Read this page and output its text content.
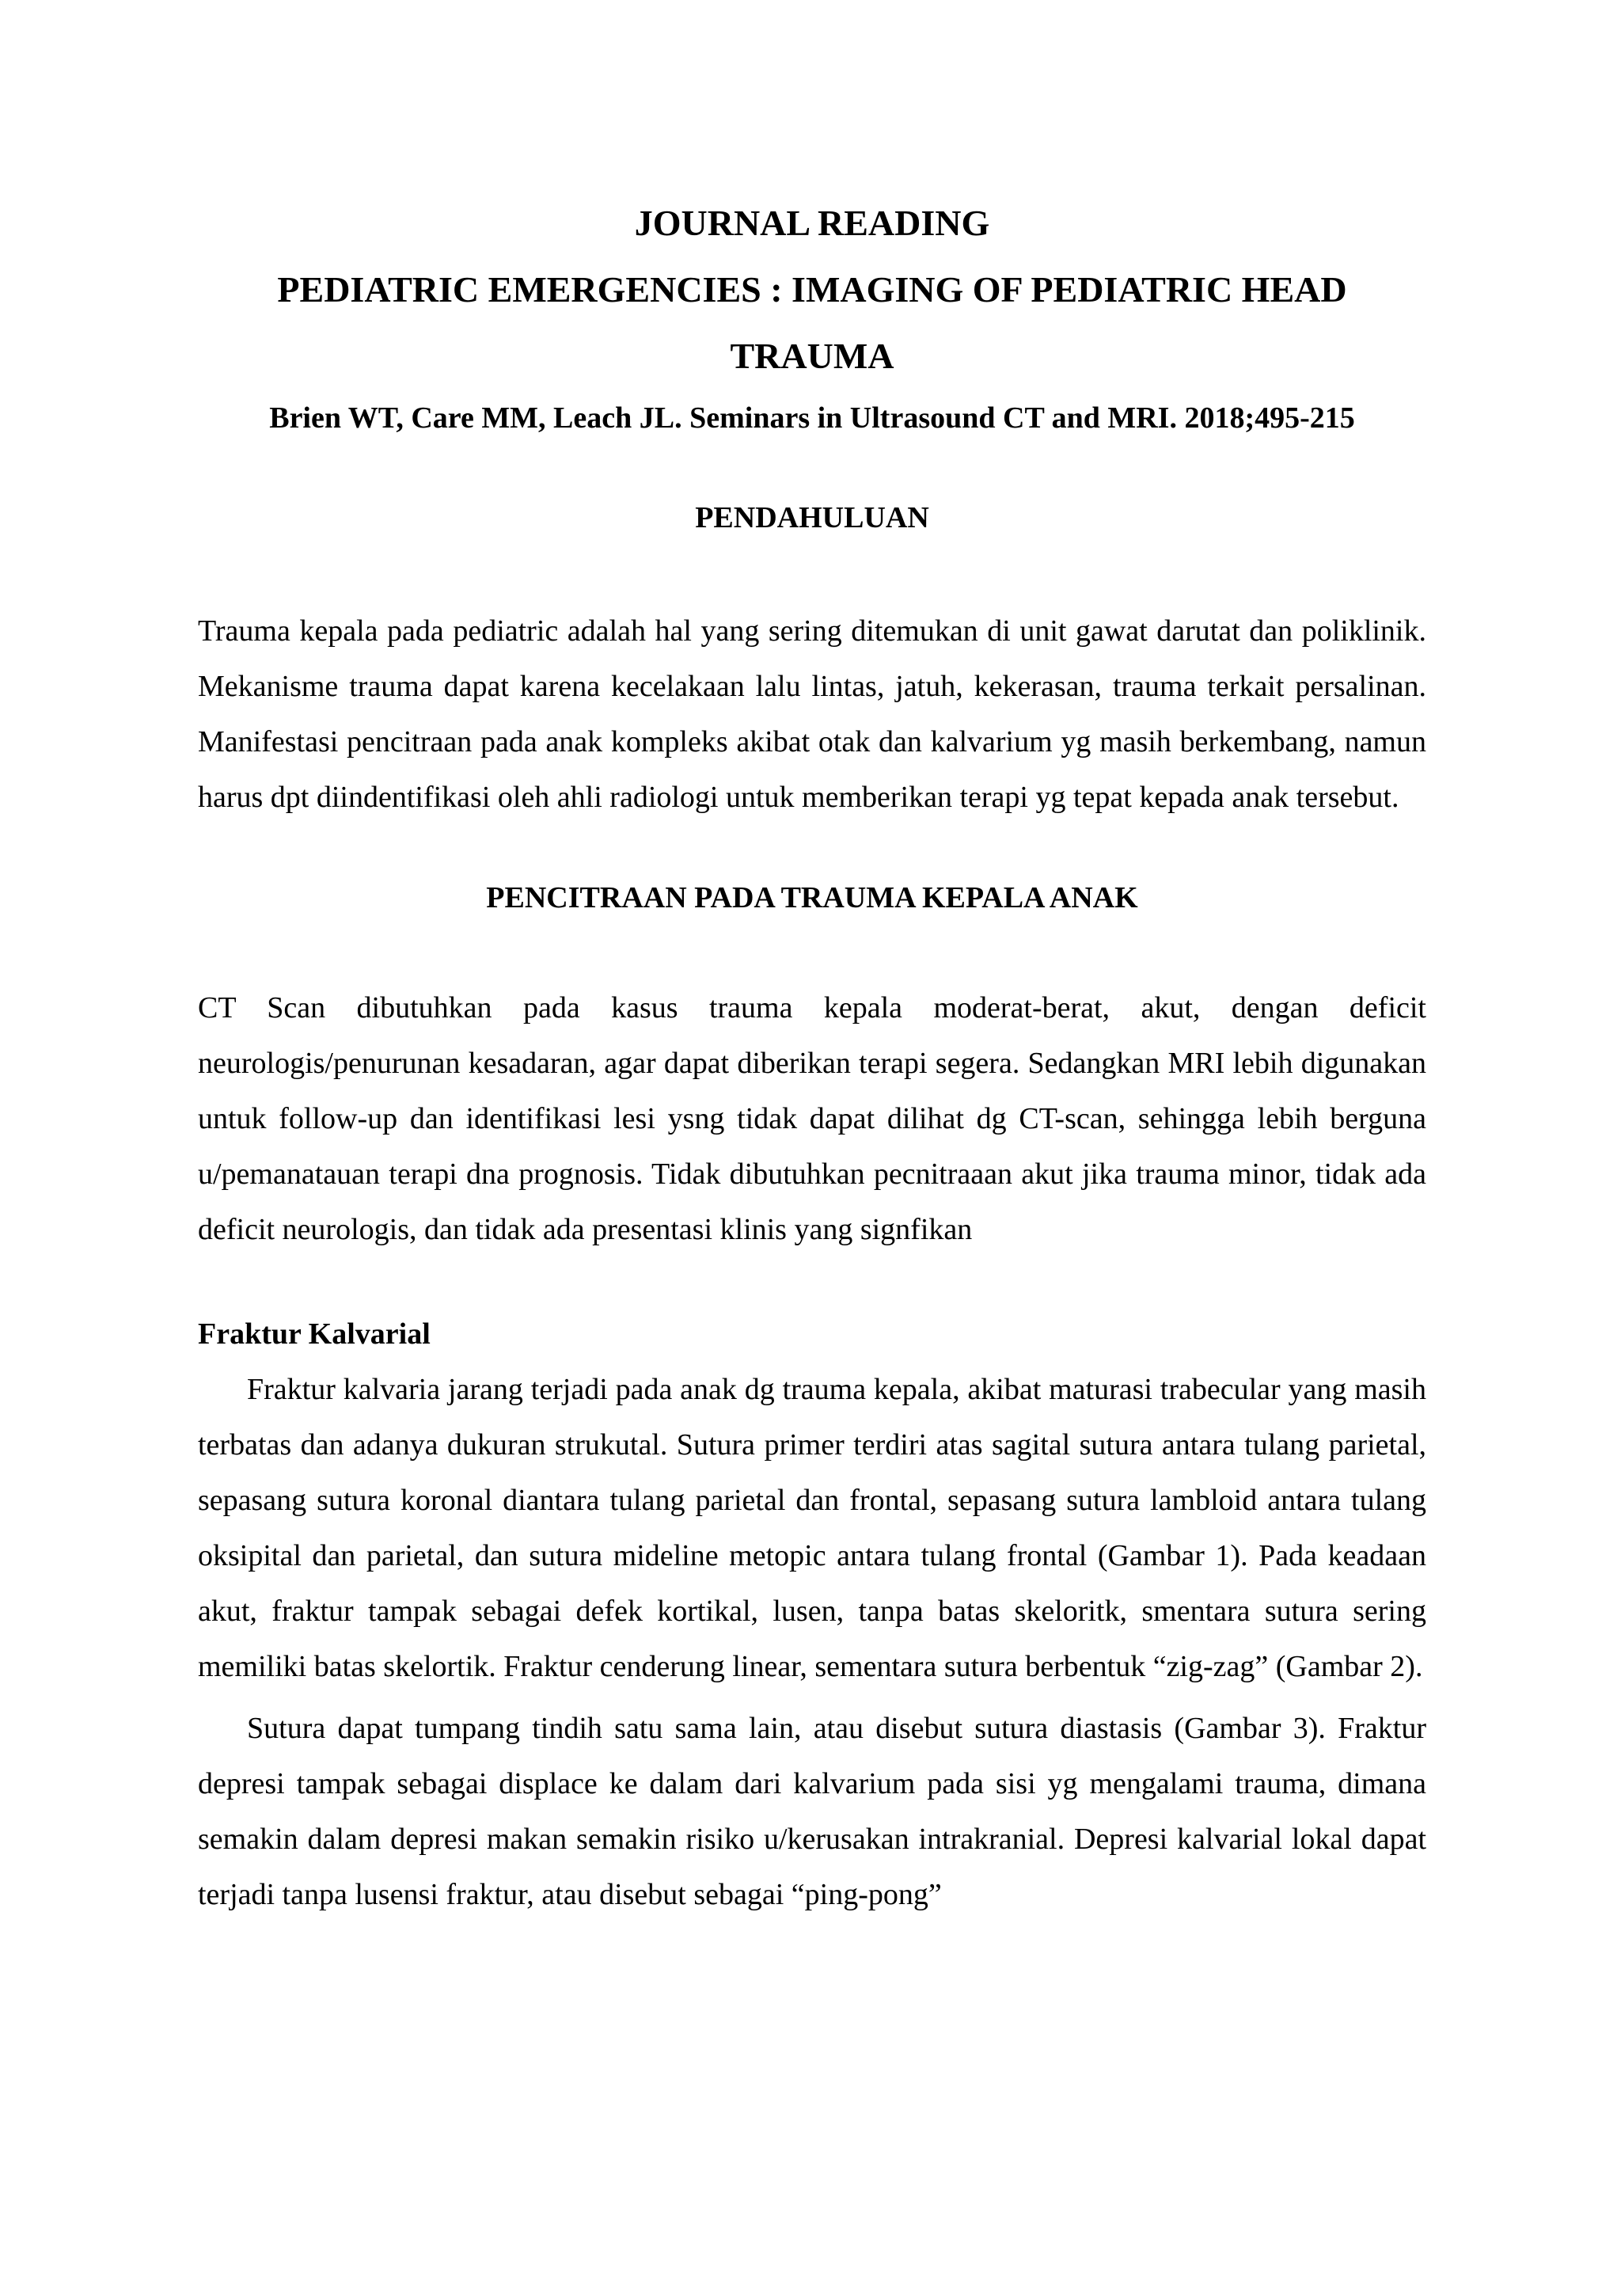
JOURNAL READING

PEDIATRIC EMERGENCIES : IMAGING OF PEDIATRIC HEAD

TRAUMA

Brien WT, Care MM, Leach JL. Seminars in Ultrasound CT and MRI. 2018;495-215

PENDAHULUAN

Trauma kepala pada pediatric adalah hal yang sering ditemukan di unit gawat darutat dan poliklinik. Mekanisme trauma dapat karena kecelakaan lalu lintas, jatuh, kekerasan, trauma terkait persalinan. Manifestasi pencitraan pada anak kompleks akibat otak dan kalvarium yg masih berkembang, namun harus dpt diindentifikasi oleh ahli radiologi untuk memberikan terapi yg tepat kepada anak tersebut.

PENCITRAAN PADA TRAUMA KEPALA ANAK

CT Scan dibutuhkan pada kasus trauma kepala moderat-berat, akut, dengan deficit neurologis/penurunan kesadaran, agar dapat diberikan terapi segera. Sedangkan MRI lebih digunakan untuk follow-up dan identifikasi lesi ysng tidak dapat dilihat dg CT-scan, sehingga lebih berguna u/pemanatauan terapi dna prognosis. Tidak dibutuhkan pecnitraaan akut jika trauma minor, tidak ada deficit neurologis, dan tidak ada presentasi klinis yang signfikan

Fraktur Kalvarial

Fraktur kalvaria jarang terjadi pada anak dg trauma kepala, akibat maturasi trabecular yang masih terbatas dan adanya dukuran strukutal. Sutura primer terdiri atas sagital sutura antara tulang parietal, sepasang sutura koronal diantara tulang parietal dan frontal, sepasang sutura lambloid antara tulang oksipital dan parietal, dan sutura mideline metopic antara tulang frontal (Gambar 1). Pada keadaan akut, fraktur tampak sebagai defek kortikal, lusen, tanpa batas skeloritk, smentara sutura sering memiliki batas skelortik. Fraktur cenderung linear, sementara sutura berbentuk “zig-zag” (Gambar 2).

Sutura dapat tumpang tindih satu sama lain, atau disebut sutura diastasis (Gambar 3). Fraktur depresi tampak sebagai displace ke dalam dari kalvarium pada sisi yg mengalami trauma, dimana semakin dalam depresi makan semakin risiko u/kerusakan intrakranial. Depresi kalvarial lokal dapat terjadi tanpa lusensi fraktur, atau disebut sebagai “ping-pong”
